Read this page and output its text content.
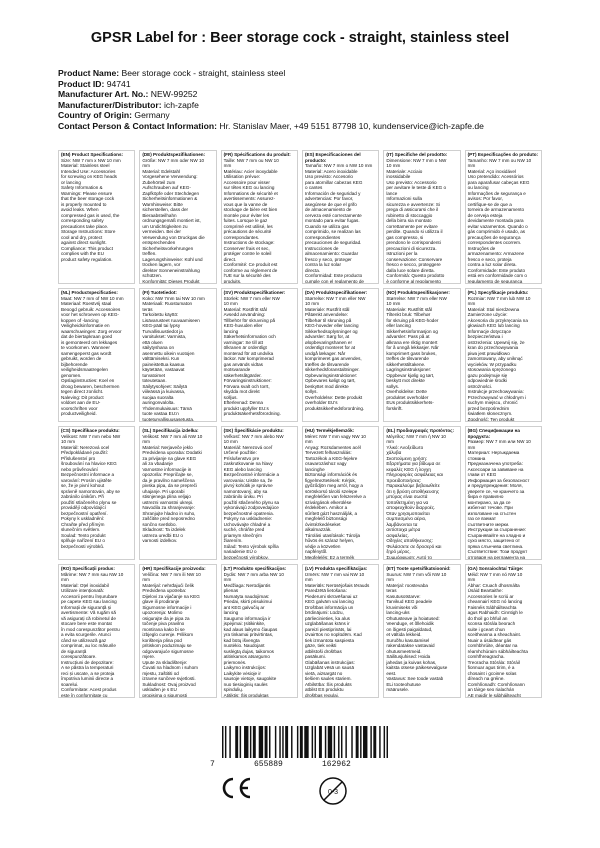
GPSR Label for : Beer storage cock - straight, stainless steel
Product Name: Beer storage cock - straight, stainless steel
Product ID: 94741
Manufacturer Art. No.: NEW-99252
Manufacturer/Distributor: ich-zapfe
Country of Origin: Germany
Contact Person & Contact Information: Hr. Stanislav Maer, +49 5151 87798 10, kundenservice@ich-zapfe.de
(EN) Product Specifications:
Size: NW 7 mm x NW 10 mm
Material: Stainless steel
Intended Use: Accessories
for screwing on KEG heads
or lancing
Safety Information &
Warnings: Please ensure
that the beer storage cock
is properly mounted to
avoid leaks. When
compressed gas is used, the
corresponding safety
precautions take place.
Storage Instructions: Store
cool and dry, protect
against direct sunlight.
Compliance: This product
complies with the EU
product safety regulation.
(DE) Produktspezifikationen:
Größe: NW 7 mm oder NW 10
mm
Material: Edelstahl
Vorgesehene Verwendung:
Zubehörteil zum
Aufschrauben auf KEG-
Zapfköpfe oder Stechdegen
Sicherheitsinformationen &
Warnhinweise: Bitte
sicherstellen, dass der
Bieraabsteilhahn
ordnungsgemäß montiert ist,
um Undichtigkeiten zu
vermeiden. Bei der
Verwendung von Druckgas die
entsprechenden
Sicherheitsvorkehrungen
treffen.
Lagerungshinweise: Kühl und
trocken lagern, vor
direkter Sonneneinstrahlung
schützen.
Konformität: Dieses Produkt
(FR) Spécifications du produit:
Taille: NW 7 mm ou NW 10
mm
Matériau: Acier inoxydable
Utilisation prévue:
Accessoire pour visser
sur têtes KEG ou lancing
Informations de sécurité et
avertissements: Assurez-
vous que la vanne de
stockage de bière est bien
montée pour éviter les
fuites. Lorsque le gaz
comprimé est utilisé, les
précautions de sécurité
correspondantes.
Instructions de stockage:
Conserver frais et sec,
protéger contre le soleil
direct.
Conformité: Ce produit est
conforme au règlement de
l'UE sur la sécurité des
produits.
(ES) Especificaciones del producto:
Tamaño: NW 7 mm o NW 10 mm
Material: Acero inoxidable
Uso previsto: Accesorio
para atornillar cabezas KEG
o cantes
Información de seguridad y
advertencias: Por favor,
asegúrese de que el grifo
de almacenamiento de
cerveza esté correctamente
montado para evitar fugas.
Cuando se utiliza gas
comprimido, se realizan las
correspondientes
precauciones de seguridad.
Instrucciones de
almacenamiento: Guardar
fresco y seco, proteger
contra la luz solar
directa.
Conformidad: Este producto
cumple con el reglamento de
(IT) Specifiche del prodotto:
Dimensione: NW 7 mm o NW
10 mm
Materiale: Acciaio
inossidabile
Uso previsto: Accessorio
per avvitare le teste di KEG o
lance
Informazioni sulla
sicurezza e avvertenze: Si
prega di assicurarsi che il
rubinetto di stoccaggio
della birra sia montato
correttamente per evitare
perdite. Quando si utilizza il
gas compresso, si
prendono le corrispondenti
precauzioni di sicurezza.
Istruzioni per la
conservazione: Conservare
fresco e secco, proteggere
dalla luce solare diretta.
Conformità: Questo prodotto
è conforme al regolamento
(PT) Especificações do produto:
Tamanho: NW 7 mm ou NW 10
mm
Material: Aço inoxidável
Uso pretendido: Acessórios
para aparafusar cabeças KEG
ou lancing
Informações de segurança e
avisos: Por favor,
certifique-se de que a
torneira de armazenamento
de cerveja esteja
devidamente montada para
evitar vazamentos. Quando o
gás comprimido é usado, as
precauções de segurança
correspondentes ocorrem.
Instruções de
armazenamento: Armazene
fresco e seco, proteja
contra a luz solar direta.
Conformidade: Este produto
está em conformidade com o
regulamento de segurança
(NL) Productspecificaties:
Maat: NW 7 mm of NW 10 mm
Materiaal: Roestvrij staal
Beoogd gebruik: Accessoires
voor het schroeven op KEG-
koppen of -lancing
Veiligheidsinformatie en
waarschuwingen: Zorg ervoor
dat de biertapkraan goed
is gemonteerd om lekkages
te voorkomen. Wanneer
samengeperst gas wordt
gebruikt, worden de
bijbehorende
veiligheidsmaatregelen
genomen.
Opslaginstructies: Koel en
droog bewaren, beschermen
tegen direct zonlicht.
Naleving: Dit product
voldoet aan de EU-
voorschriften voor
productveiligheid.
(FI) Tuotetiedot:
Koko: NW 7mm tai NW 10 mm
Materiaali: Ruostumaton
teräs
Tarkoitettu käyttö:
Lisävarusteet ruuvaamiseen
KEG-pääl tai lypsy
Turvallisuustiedot ja
varoitukset: Varmista,
että oluen
säilytyshana on
asennettu oikein vuotojen
välttämiseksi. Kun
paineistettua kaasua
käytetään, vastaavat
turvatoimet
toteutetaan.
Säilytysohjeet: Säilytä
viileässä ja kuivassa,
suojaa suoralta
auringonvalolta.
Yhdenmukaisuus: Tämä
tuote vastaa EU:n
tuoteturvallisuusasetusta.
(SV) Produktspecifikationer:
Storlek: NW 7 mm eller NW
10 mm
Material: Rostfritt stål
Avsedd användning:
Tillbehör för skruvning på
KEG-huvuden eller
lancing
Säkerhetsinformation och
varningar: Se till att
ölkranen är ordentligt
monterad för att undvika
läckor. När komprimerad
gas används vidtas
motsvarande
säkerhetsåtgärder.
Förvaringsinstruktioner:
Förvara svalt och torrt,
skydda mot direkt
solljus.
Efterlevnad: Denna
produkt uppfyller EU:s
produktsäkerhetsförordning.
(DA) Produktspecifikationer:
Størrelse: NW 7 mm eller NW
10 mm
Materiale: Rustfrit stål
Påtænkt anvendelse:
Tilbehør til skruning på
KEG-hoveder eller lancing
Sikkerhedsoplysninger og
advarsler: Sørg for, at
ølopbevaringshanen er
ordentligt monteret for at
undgå lækager. Når
komprimeret gas anvendes,
træffes de tilsvarende
sikkerhedsforanstaltninger.
Opbevaringsinstruktioner:
Opbevares køligt og tørt,
beskyttet mod direkte
sollys.
Overholdelse: Dette produkt
overholder EU's
produktsikkerhedsforordning.
(NO) Produktspesifikasjoner:
Størrelse: NW 7 mm eller NW
10 mm
Materiale: Rustfritt stål
Tiltenkt bruk: Tilbehør
for skruing på KEG-hoder
eller lancing
Sikkerhetsinformasjon og
advarsler: Pass på at
ølkrana ere riktig montert
for å unngå lekkasjer. Når
komprimert gass brukes,
treffes de tilsvarende
sikkerhetstiltakene.
Lagringsinstruksjoner:
Oppbevar kjølig og tørt,
beskytt mot direkte
sollys.
Overholdelse: Dette
produktet overholder
EUs produktsikkerhets-
forskrift.
(PL) Specyfikacje produktu:
Rozmiar: NW 7 mm lub NW 10
mm
Materiał: Stal nierdzewna
Zamierzone użycie:
Akcesoria do przykręcania na
głowiach KEG lub lancing
Informacje dotyczące
bezpieczeństwa i
ostrzeżenia: Upewnij się, że
kran do przechowywania
piwa jest prawidłowo
zamontowany, aby uniknąć
wycieków. W przypadku
stosowania sprężonego
gazu podejmuje się
odpowiednie środki
ostrożności.
Instrukcje przechowywania:
Przechowywać w chłodnym i
suchym miejscu, chronić
przed bezpośrednim
światłem słonecznym.
Zgodność: Ten produkt
(CS) Specifikace produktu:
Velikost: NW 7 mm nebo NW
10 mm
Materiál: Nerezová ocel
Předpokládané použití:
Příslušenství pro
šroubování na hlavice KEG
nebo průvěnování
Bezpečnostní informace a
varování: Prosím ujistěte
se, že je pivní kohout
správně namontován, aby se
zabránilo únikům. Při
použití stlačeného plynu se
provádějí odpovídající
bezpečnostní opatření.
Pokyny k uskladnění:
Chraňte před přímým
slunečním světlem.
Soulad: Tento produkt
splňuje nařízení EU o
bezpečnosti výrobků.
(SL) Specifikacija izdelka:
Velikost: NW 7 mm ali NW 10
mm
Material: Nerjaveče jeklo
Predvidena uporaba: Dodatki
za privijanje na glave KEG
ali za vbadanje
Varnostne informacije in
opozorila: Prepričajte se,
da je pravilno nameščena
pivska pipa, da se prepreči
uhajanje. Pri uporabi
stisnjenega plina veljajo
ustrezni varnostni ukrepi.
Navodila za shranjevanje:
Shranjujte hladno in suho,
zaščitite pred neposredno
sončno svetlobo.
Skladnost: Ta izdelek
ustreza uredbi EU o
varnosti izdelkov.
(SK) Špecifikácie produktu:
Veľkosť: NW 7 mm alebo NW
10 mm
Materiál: Nerezová oceľ
Určené použitie:
Príslušenstvo pre
zaskrutkovanie na hlavy
KEG alebo lancing
Bezpečnostné informácie a
varovania: Uistite sa, že
pivný kohútik je správne
namontovaný, aby sa
zabránilo úniku. Pri
použití stlačeného plynu sa
vykonávajú zodpovedajúce
bezpečnostné opatrenia.
Pokyny na uskladnenie:
Uchovávajte chladné a
suché, chráňte pred
priamym slnečným
žiarením.
Súlad: Tento výrobok spĺňa
nariadenie EÚ o
bezpečnosti výrobkov.
(HU) Termékjellemzők:
Méret: NW 7 mm vagy NW 10
mm
Anyag: Rozsdamentes acél
Tervezett felhasználás:
Tartozékok a KEG-fejekre
csavarozáshoz vagy
lancinghe
Biztonsági információk és
figyelmeztetések: Kérjük,
győződjön meg arról, hogy a
söröskorsó tároló szelepe
megfelelően van felszerelve a
szivárgások elkerülése
érdekében. Amikor a
sűrített gázt használják, a
megfelelő biztonsági
óvintézkedéseket
alkalmazzák.
Tárolási utasítások: Tárolja
hűvös és száraz helyen,
védje a közvetlen
napfénytől.
Megfelelés: Ez a termék
(EL) Προδιαγραφές προϊόντος:
Μέγεθος: NW 7 mm ή NW 10
mm
Υλικό: Ανοξείδωτο
χάλυβα
Σκοπούμενη χρήση:
Εξαρτήματα για βίδωμα σε
κεφαλές KEG ή λογχη
Πληροφορίες ασφάλειας και
προειδοποιήσεις:
Παρακαλούμε βεβαιωθείτε
ότι η βρύση αποθήκευσης
μπύρας είναι σωστά
τοποθετημένη για να
αποφευχθούν διαρροές.
Όταν χρησιμοποιείται
συμπιεσμένο αέριο,
λαμβάνονται τα
αντίστοιχα μέτρα
ασφαλείας.
Οδηγίες αποθήκευσης:
Φυλάσσετε σε δροσερό και
ξηρό μέρος.
Συμμόρφωση: Αυτό το
(BG) Спецификации на продукта:
Размер: NW 7 mm или NW 10
mm
Материал: Неръждаема
стомана
Предназначена употреба:
Аксесоари за завиване на
глави от KEG
Информация за безопасност
и предупреждения: Моля,
уверете се, че кранчето за
бира е правилно
монтирано, за да се
избегнат течове. При
използване на сгъстен
газ се вземат
съответните мерки.
Инструкции за съхранение:
Съхранявайте на хладно и
сухо място, защитено от
пряка слънчева светлина.
Съответствие: Този продукт
отговаря на регламента на
(RO) Specificații produs:
Mărime: NW 7 mm sau NW 10
mm
Material: Oțel inoxidabil
Utilizare intenționată:
Accesorii pentru înșurubare
pe capete KEG sau lancing
Informații de siguranță și
avertismente: Vă rugăm să
vă asigurați că robinetul de
stocare bere este montat
în mod corespunzător pentru
a evita scurgerile. Atunci
când se utilizează gaz
comprimat, au loc măsurile
de siguranță
corespunzătoare.
Instrucțiuni de depozitare:
A se păstra la temperaturi
reci și uscate, a se proteja
împotriva luminii directe a
soarelui.
Conformitate: Acest produs
este în conformitate cu
(HR) Specifikacije proizvoda:
Veličina: NW 7 mm ili NW 10
mm
Materijal: nehrđajući čelik
Predviđena upotreba:
Dijelovi za vijačanje na KEG
glave ili prodiranje
Sigurnosne informacije i
upozorenja: Molimo
osigurajte da je pipa za
točenje piva pravilno
montirana kako bi se
izbjeglo curenje. Prilikom
korištenja plina pod
pritiskom poduzimaju se
odgovarajuće sigurnosne
mjere.
Upute za skladištenje:
Čuvati na hladnom i suhom
mjestu, zaštititi od
izravne sunčeve svjetlosti.
Sukladnost: Ovaj proizvod
usklađen je s EU
propisima o sigurnosti
(LT) Produkto specifikacijos:
Dydis: NW 7 mm arba NW 10
mm
Medžiaga: Nerūdijantis
plienas
Numatyta naudojimas:
Priedai, skirti prisukimui
ant KEG galvučių ar
lancing
Saugumo informacija ir
įspėjimai: Įsitikinkite,
kad alaus laikymo čiaupas
yra tinkamai pritvirtintas,
kad būtų išvengta
nuotėkio. Naudojant
suslėgtą dujas, taikomos
atitinkamos atsargumo
priemonės.
Laikymo instrukcijos:
Laikykite vėsioje ir
sausoje vietoje, saugokite
nuo tiesioginių saulės
spindulių.
Atitiktis: Šis produktas
(LV) Produkta specifikācijas:
Izmērs: NW 7 mm vai NW 10
mm
Materiāls: Nerūsējošais tērauds
Paredzētā lietošana:
Piederumi skrūvēšanai uz
KEG galvām vai lancing
Drošības informācija un
brīdinājumi: Lūdzu,
pārliecinieties, ka alus
uzglabāšanas krāns ir
pareizi piestiprināts, lai
izvairītos no noplūdēm. Kad
tiek izmantota saspiesta
gāze, tiek veikti
atbilstoši drošības
pasākumi.
Glabāšanas instrukcijas:
Uzglabāt vēsā un sausā
vietā, aizsargāt no
tiešiem saules stariem.
Atbilstība: Šis produkts
atbilst ES produktu
drošības regulai.
(ET) Toote spetsifikatsioonid:
Suurus: NW 7 mm või NW 10
mm
Materjal: roostevaba
teras
Kasutusotstarve:
Tarvikud KEG peadele
kruvimiseks või
lancing-uks
Ohutusteave ja hoiatused:
Veenduge, et õllehoidik
on õigesti paigaldatud,
et vältida lekkeid.
Suruõhu kasutamisel
rakendatakse vastavaid
ohutusmeetmeid.
Säilitusjuhised: Hoida
jahedas ja kuivas kohas,
kaitsta otsese päikesevalguse
eest.
Vastavus: See toode vastab
ELi tooteohutuse
määrusele.
(GA) Sonraíochtaí Táirge:
Méid: NW 7 mm nó NW 10
mm
Ábhar: Cruach dhosmálta
Úsáid Beartaithe:
Accessories le scriú ar
cheannairí KEG nó lancing
Faisnéis Sábháilteachta
agus Rabhaidh: Cinntigh le
do thoil go bhfuil an
sconsa stórála beorach
suite i gceart chun
sceitheanna a sheachaint.
Nuair a úsáidtear gás
comhbhrúite, déantar na
réamhchúraim sábháilteachta
comhfhreagracha.
Treoracha Stórála: Stóráil
fionnuar agus tirim, é a
chosaint i gcoinne solas
díreach na gréine.
Comhlíonadh: Comhlíonann
an táirge seo rialachán
AE maidir le sábháilteacht
7	655889	162962
0-3
